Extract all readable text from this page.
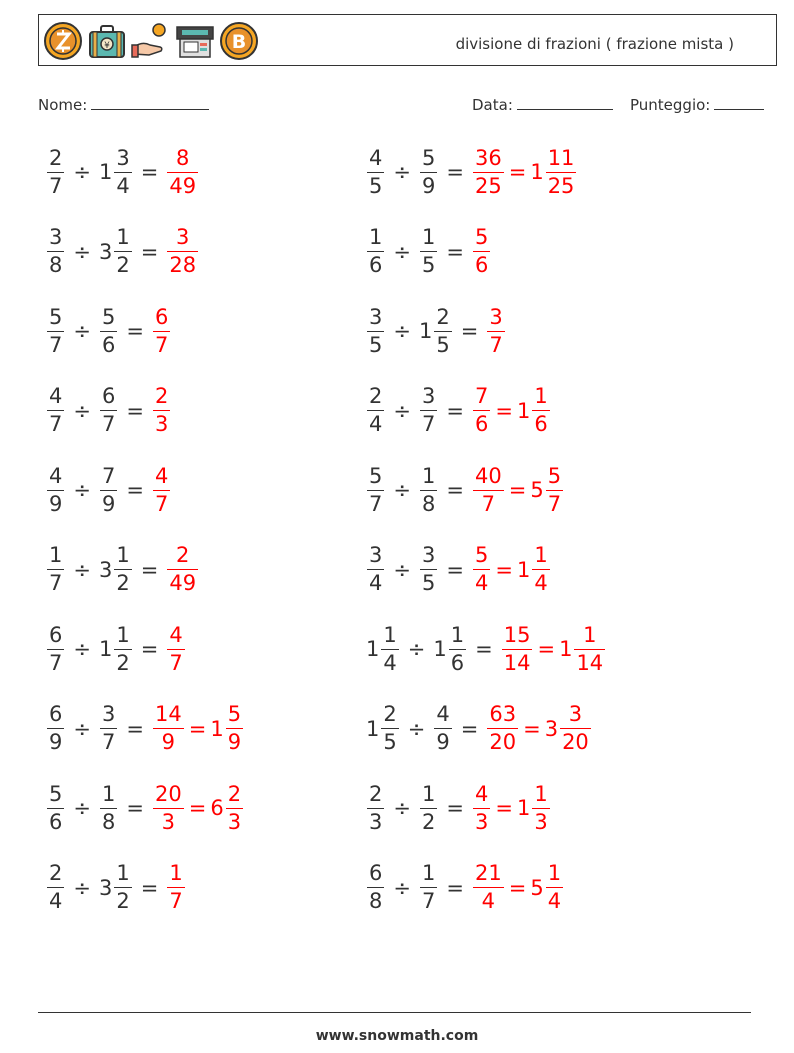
¥	B	divisione di frazioni ( frazione mista )
Nome:	Data:	Punteggio:
$\frac{2}{7} \div 1 \frac{3}{4} = \frac{8}{49}$	$\frac{4}{5} \div \frac{5}{9} = \frac{36}{25} = 1 \frac{11}{25}$
$\frac{3}{8} \div 3 \frac{1}{2} = \frac{3}{28}$	$\frac{1}{6} \div \frac{1}{5} = \frac{5}{6}$
$\frac{5}{7} \div \frac{5}{6} = \frac{6}{7}$	$\frac{3}{5} \div 1 \frac{2}{5} = \frac{3}{7}$
$\frac{4}{7} \div \frac{6}{7} = \frac{2}{3}$	$\frac{2}{4} \div \frac{3}{7} = \frac{7}{6} = 1 \frac{1}{6}$
$\frac{4}{9} \div \frac{7}{9} = \frac{4}{7}$	$\frac{5}{7} \div \frac{1}{8} = \frac{40}{7} = 5 \frac{5}{7}$
$\frac{1}{7} \div 3 \frac{1}{2} = \frac{2}{49}$	$\frac{3}{4} \div \frac{3}{5} = \frac{5}{4} = 1 \frac{1}{4}$
$\frac{6}{7} \div 1 \frac{1}{2} = \frac{4}{7}$	$1 \frac{1}{4} \div 1 \frac{1}{6} = \frac{15}{14} = 1 \frac{1}{14}$
$\frac{6}{9} \div \frac{3}{7} = \frac{14}{9} = 1 \frac{5}{9}$	$1 \frac{2}{5} \div \frac{4}{9} = \frac{63}{20} = 3 \frac{3}{20}$
$\frac{5}{6} \div \frac{1}{8} = \frac{20}{3} = 6 \frac{2}{3}$	$\frac{2}{3} \div \frac{1}{2} = \frac{4}{3} = 1 \frac{1}{3}$
$\frac{2}{4} \div 3 \frac{1}{2} = \frac{1}{7}$	$\frac{6}{8} \div \frac{1}{7} = \frac{21}{4} = 5 \frac{1}{4}$
www.snowmath.com
